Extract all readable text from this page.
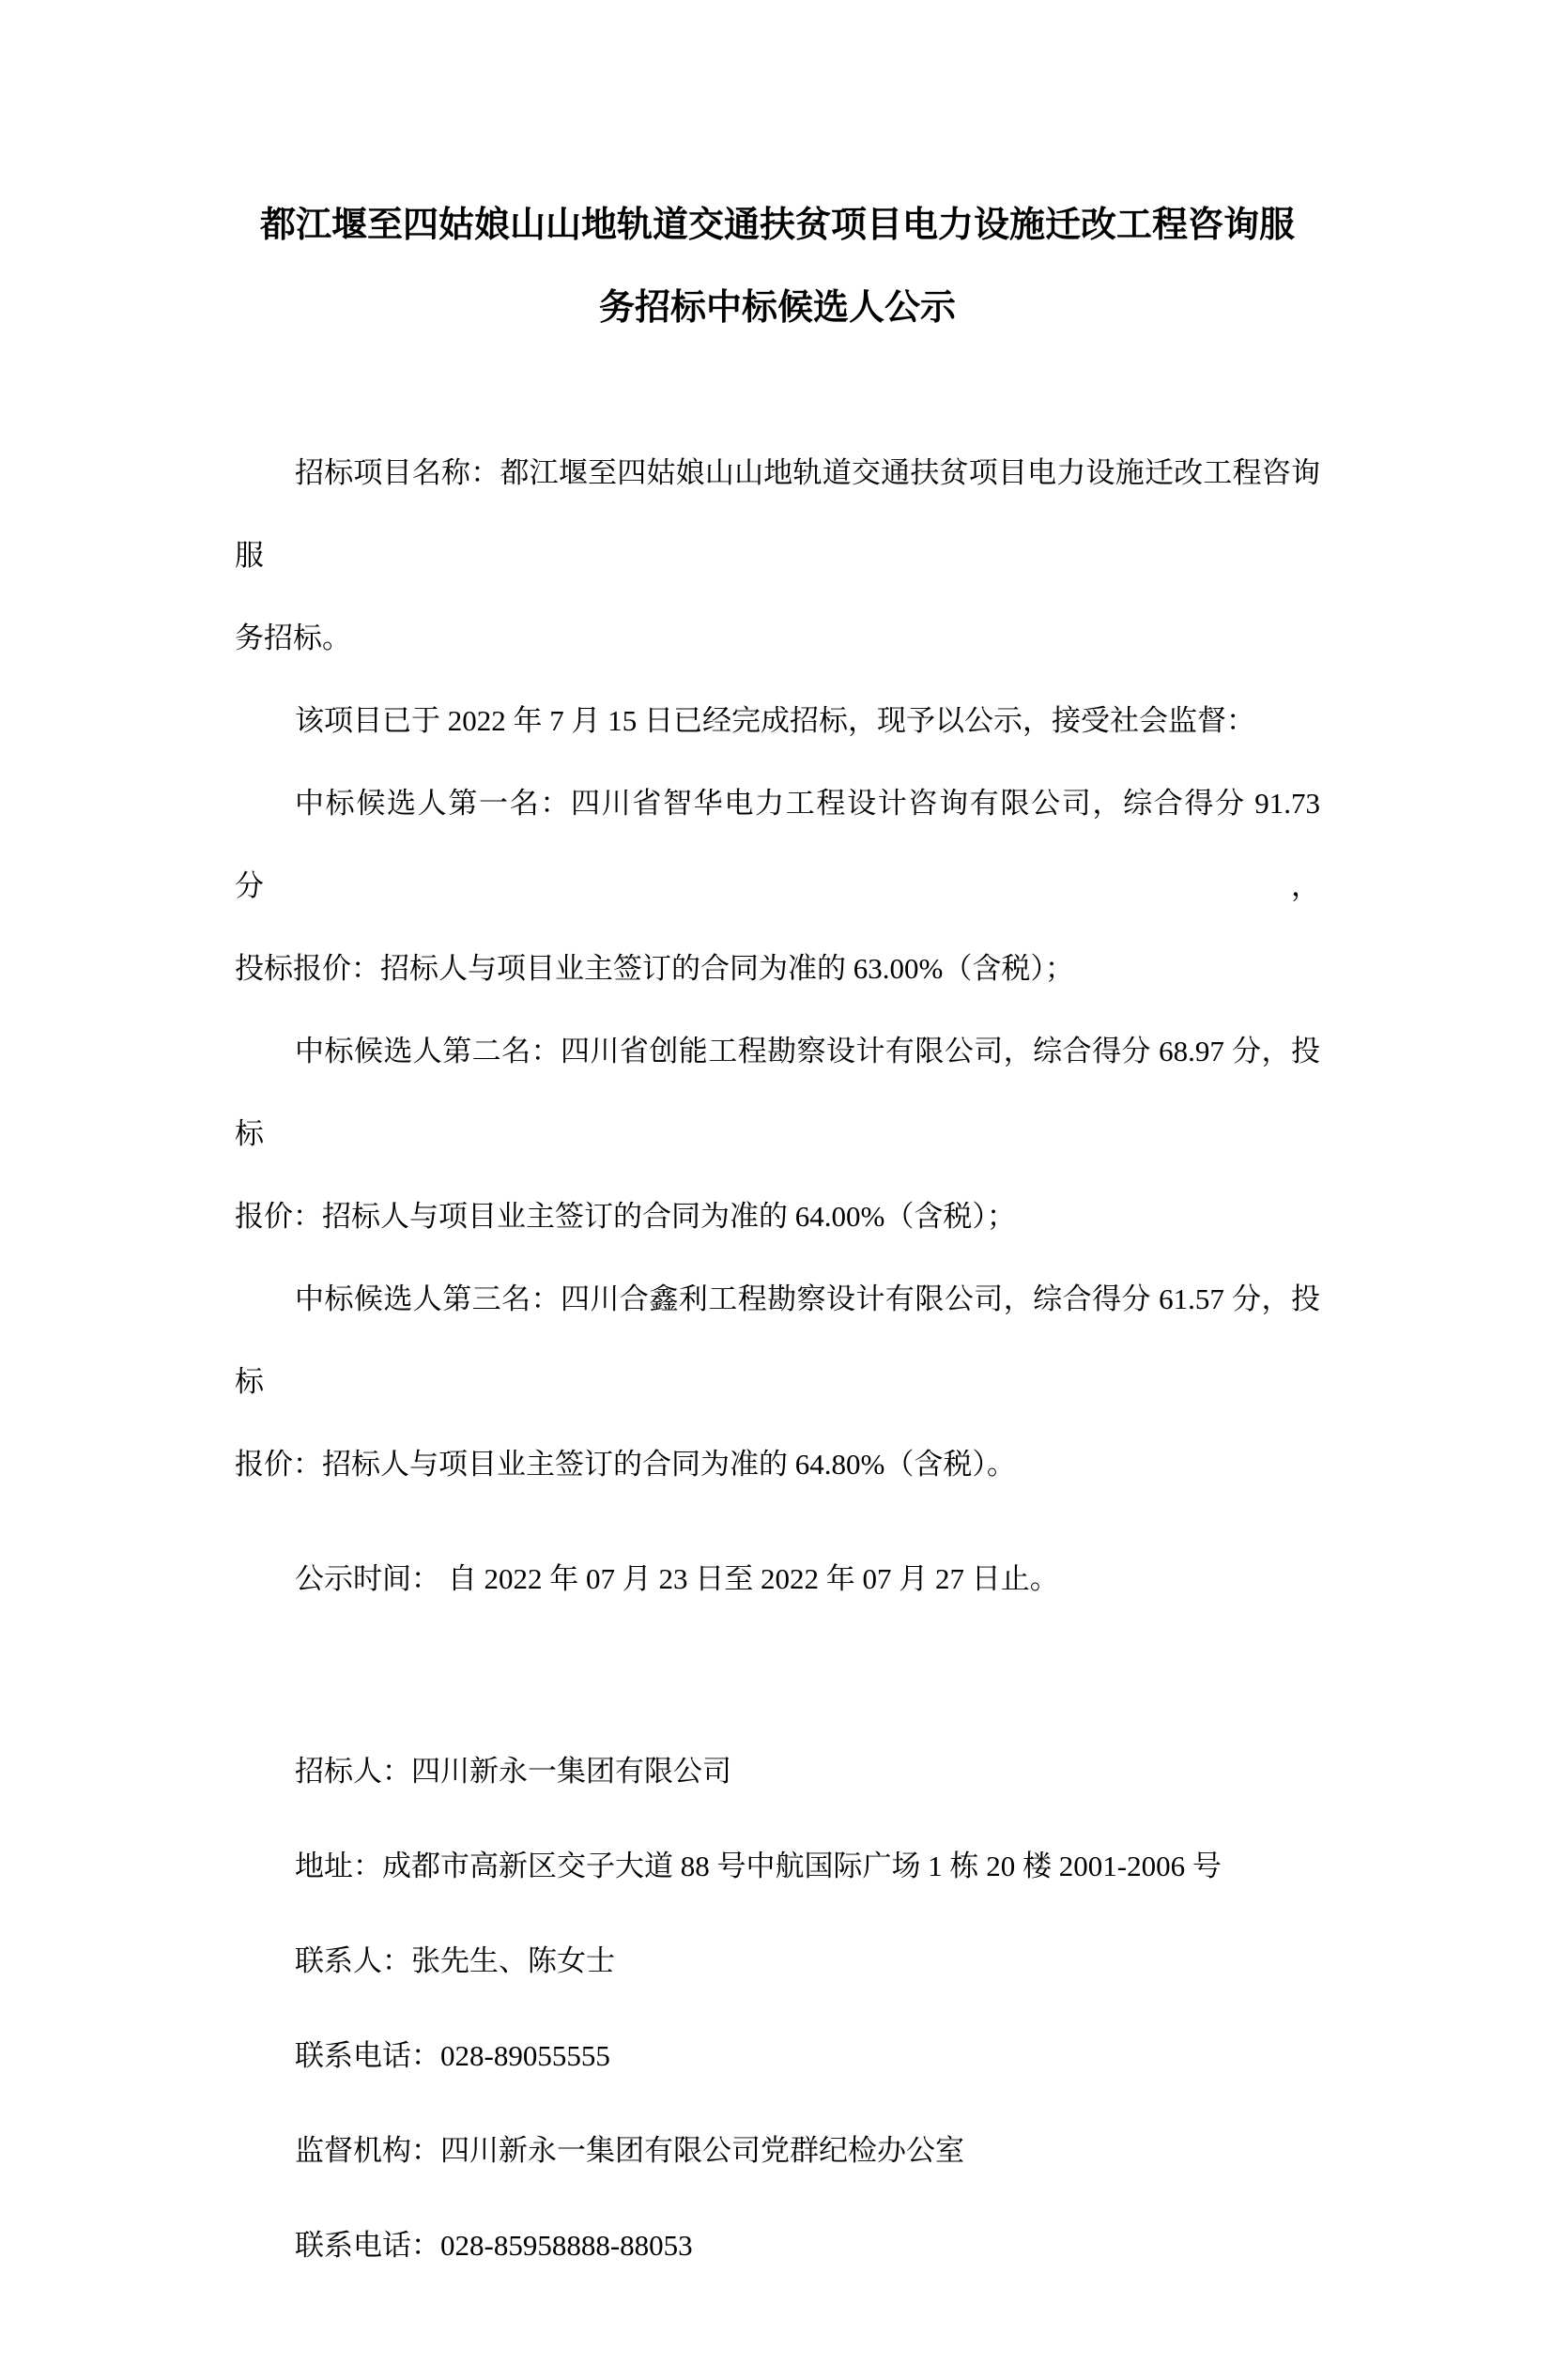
都江堰至四姑娘山山地轨道交通扶贫项目电力设施迁改工程咨询服
务招标中标候选人公示
招标项目名称：都江堰至四姑娘山山地轨道交通扶贫项目电力设施迁改工程咨询服
务招标。
该项目已于 2022 年 7 月 15 日已经完成招标，现予以公示，接受社会监督：
中标候选人第一名：四川省智华电力工程设计咨询有限公司，综合得分 91.73 分，
投标报价：招标人与项目业主签订的合同为准的 63.00%（含税）；
中标候选人第二名：四川省创能工程勘察设计有限公司，综合得分 68.97 分，投标
报价：招标人与项目业主签订的合同为准的 64.00%（含税）；
中标候选人第三名：四川合鑫利工程勘察设计有限公司，综合得分 61.57 分，投标
报价：招标人与项目业主签订的合同为准的 64.80%（含税）。
公示时间： 自 2022 年 07 月 23 日至 2022 年 07 月 27 日止。
招标人：四川新永一集团有限公司
地址：成都市高新区交子大道 88 号中航国际广场 1 栋 20 楼 2001-2006 号
联系人：张先生、陈女士
联系电话：028-89055555
监督机构：四川新永一集团有限公司党群纪检办公室
联系电话：028-85958888-88053
